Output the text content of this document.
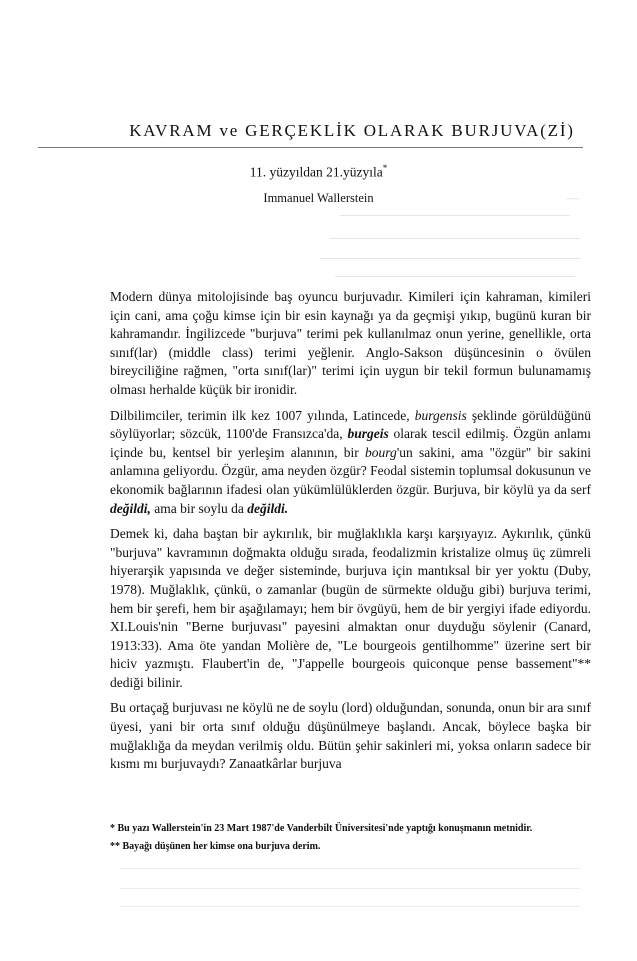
—
KAVRAM ve GERÇEKLİK OLARAK BURJUVA(Zİ)
11. yüzyıldan 21.yüzyıla*
Immanuel Wallerstein

Modern dünya mitolojisinde baş oyuncu burjuvadır. Kimileri için kahraman, kimileri için cani, ama çoğu kimse için bir esin kaynağı ya da geçmişi yıkıp, bugünü kuran bir kahramandır. İngilizcede "burjuva" terimi pek kullanılmaz onun yerine, genellikle, orta sınıf(lar) (middle class) terimi yeğlenir. Anglo-Sakson düşüncesinin o övülen bireyciliğine rağmen, "orta sınıf(lar)" terimi için uygun bir tekil formun bulunamamış olması herhalde küçük bir ironidir.

Dilbilimciler, terimin ilk kez 1007 yılında, Latincede, burgensis şeklinde görüldüğünü söylüyorlar; sözcük, 1100'de Fransızca'da, burgeis olarak tescil edilmiş. Özgün anlamı içinde bu, kentsel bir yerleşim alanının, bir bourg'un sakini, ama "özgür" bir sakini anlamına geliyordu. Özgür, ama neyden özgür? Feodal sistemin toplumsal dokusunun ve ekonomik bağlarının ifadesi olan yükümlülüklerden özgür. Burjuva, bir köylü ya da serf değildi, ama bir soylu da değildi.

Demek ki, daha baştan bir aykırılık, bir muğlaklıkla karşı karşıyayız. Aykırılık, çünkü "burjuva" kavramının doğmakta olduğu sırada, feodalizmin kristalize olmuş üç zümreli hiyerarşik yapısında ve değer sisteminde, burjuva için mantıksal bir yer yoktu (Duby, 1978). Muğlaklık, çünkü, o zamanlar (bugün de sürmekte olduğu gibi) burjuva terimi, hem bir şerefi, hem bir aşağılamayı; hem bir övgüyü, hem de bir yergiyi ifade ediyordu. XI.Louis'nin "Berne burjuvası" payesini almaktan onur duyduğu söylenir (Canard, 1913:33). Ama öte yandan Molière de, "Le bourgeois gentilhomme" üzerine sert bir hiciv yazmıştı. Flaubert'in de, "J'appelle bourgeois quiconque pense bassement"** dediği bilinir.

Bu ortaçağ burjuvası ne köylü ne de soylu (lord) olduğundan, sonunda, onun bir ara sınıf üyesi, yani bir orta sınıf olduğu düşünülmeye başlandı. Ancak, böylece başka bir muğlaklığa da meydan verilmiş oldu. Bütün şehir sakinleri mi, yoksa onların sadece bir kısmı mı burjuvaydı? Zanaatkârlar burjuva

* Bu yazı Wallerstein'in 23 Mart 1987'de Vanderbilt Üniversitesi'nde yaptığı konuşmanın metnidir.

** Bayağı düşünen her kimse ona burjuva derim.
